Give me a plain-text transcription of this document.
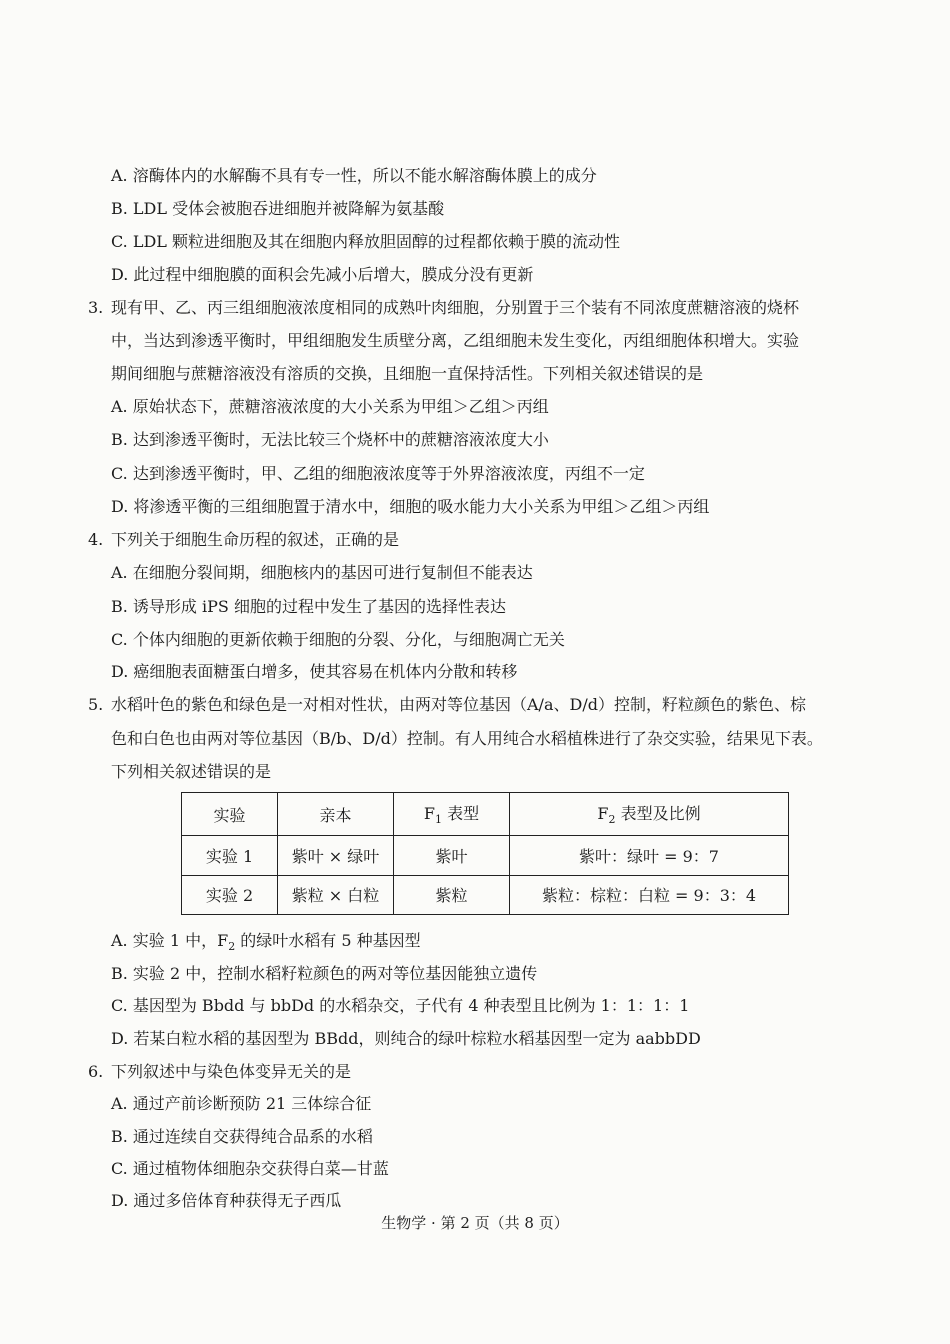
A. 溶酶体内的水解酶不具有专一性，所以不能水解溶酶体膜上的成分
B. LDL 受体会被胞吞进细胞并被降解为氨基酸
C. LDL 颗粒进细胞及其在细胞内释放胆固醇的过程都依赖于膜的流动性
D. 此过程中细胞膜的面积会先减小后增大，膜成分没有更新
3. 现有甲、乙、丙三组细胞液浓度相同的成熟叶肉细胞，分别置于三个装有不同浓度蔗糖溶液的烧杯
中，当达到渗透平衡时，甲组细胞发生质壁分离，乙组细胞未发生变化，丙组细胞体积增大。实验
期间细胞与蔗糖溶液没有溶质的交换，且细胞一直保持活性。下列相关叙述错误的是
A. 原始状态下，蔗糖溶液浓度的大小关系为甲组＞乙组＞丙组
B. 达到渗透平衡时，无法比较三个烧杯中的蔗糖溶液浓度大小
C. 达到渗透平衡时，甲、乙组的细胞液浓度等于外界溶液浓度，丙组不一定
D. 将渗透平衡的三组细胞置于清水中，细胞的吸水能力大小关系为甲组＞乙组＞丙组
4. 下列关于细胞生命历程的叙述，正确的是
A. 在细胞分裂间期，细胞核内的基因可进行复制但不能表达
B. 诱导形成 iPS 细胞的过程中发生了基因的选择性表达
C. 个体内细胞的更新依赖于细胞的分裂、分化，与细胞凋亡无关
D. 癌细胞表面糖蛋白增多，使其容易在机体内分散和转移
5. 水稻叶色的紫色和绿色是一对相对性状，由两对等位基因（A/a、D/d）控制，籽粒颜色的紫色、棕
色和白色也由两对等位基因（B/b、D/d）控制。有人用纯合水稻植株进行了杂交实验，结果见下表。
下列相关叙述错误的是
实验	亲本	$F_1$ 表型	$F_2$ 表型及比例
实验 1	紫叶 × 绿叶	紫叶	紫叶：绿叶 = 9：7
实验 2	紫粒 × 白粒	紫粒	紫粒：棕粒：白粒 = 9：3：4
A. 实验 1 中，$F_2$ 的绿叶水稻有 5 种基因型
B. 实验 2 中，控制水稻籽粒颜色的两对等位基因能独立遗传
C. 基因型为 Bbdd 与 bbDd 的水稻杂交，子代有 4 种表型且比例为 1：1：1：1
D. 若某白粒水稻的基因型为 BBdd，则纯合的绿叶棕粒水稻基因型一定为 aabbDD
6. 下列叙述中与染色体变异无关的是
A. 通过产前诊断预防 21 三体综合征
B. 通过连续自交获得纯合品系的水稻
C. 通过植物体细胞杂交获得白菜—甘蓝
D. 通过多倍体育种获得无子西瓜
生物学 · 第 2 页（共 8 页）
